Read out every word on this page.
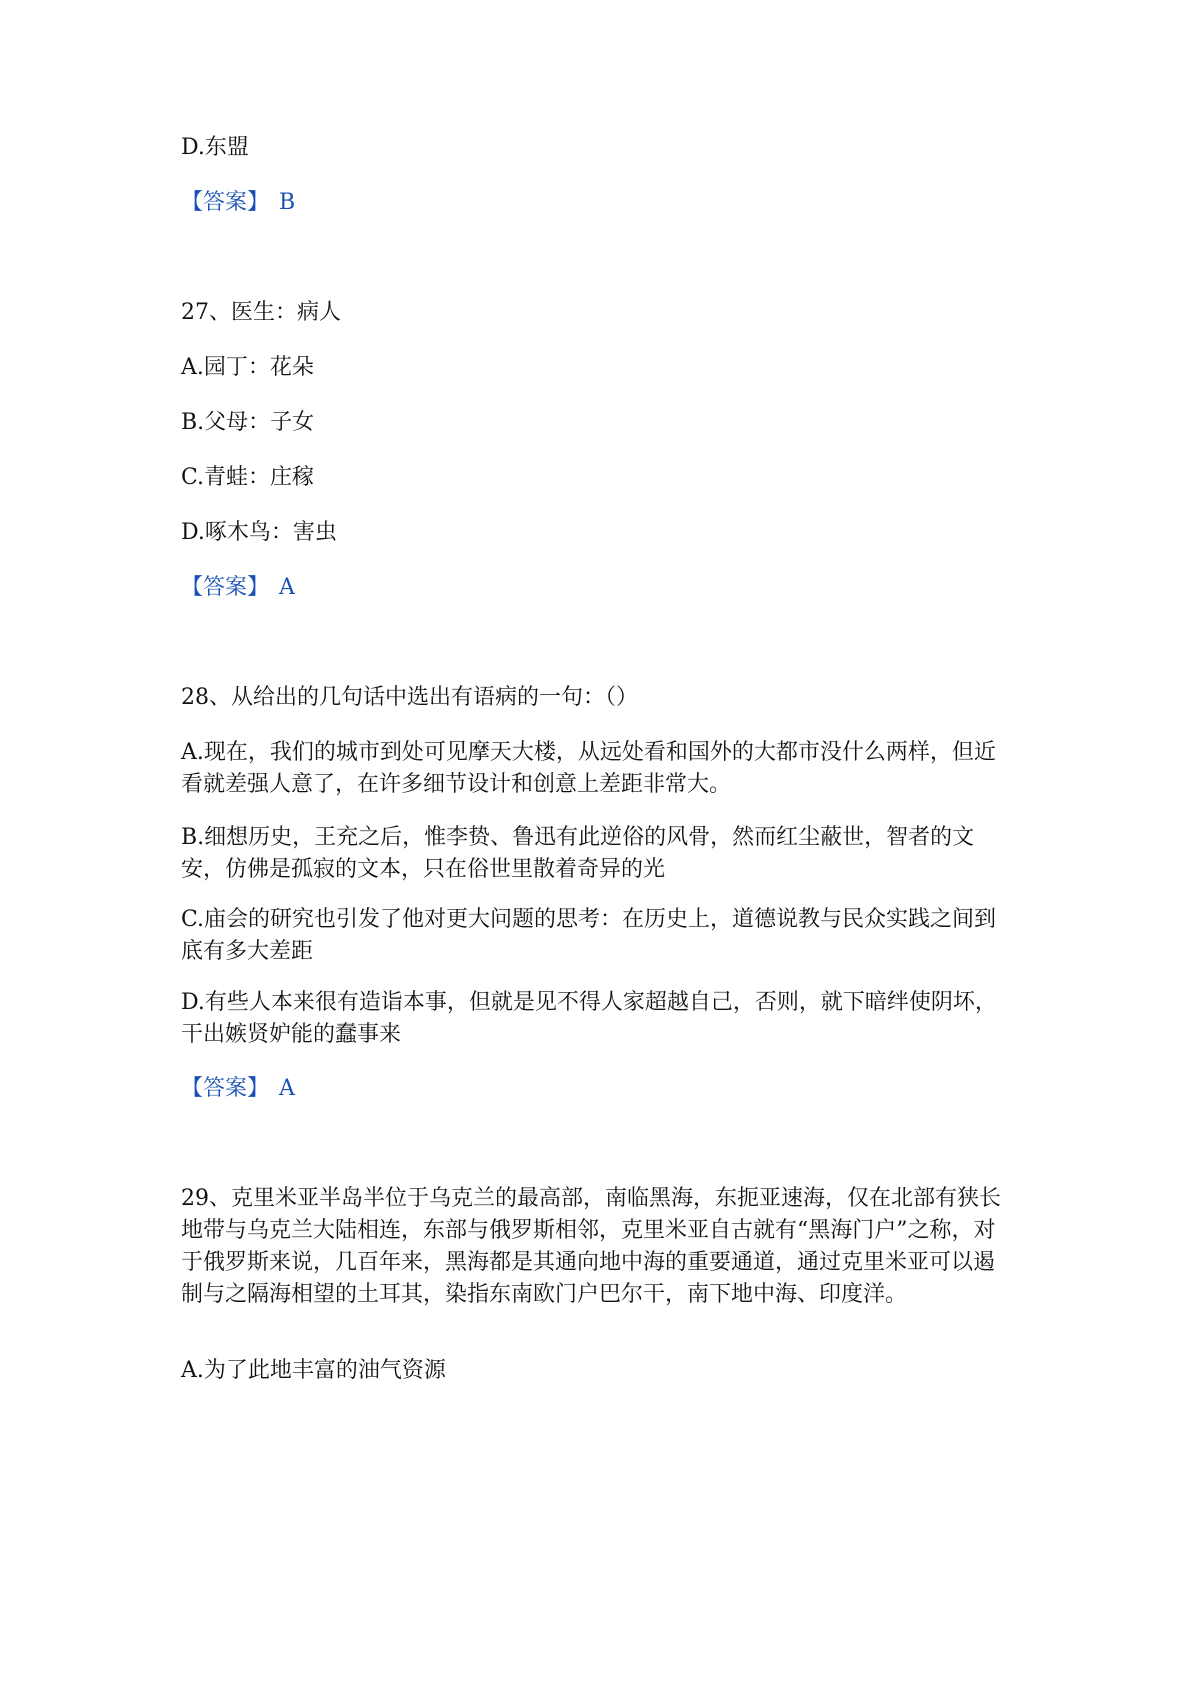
D.东盟
【答案】 B
27、医生：病人
A.园丁：花朵
B.父母：子女
C.青蛙：庄稼
D.啄木鸟：害虫
【答案】 A
28、从给出的几句话中选出有语病的一句：（）
A.现在，我们的城市到处可见摩天大楼，从远处看和国外的大都市没什么两样，但近看就差强人意了，在许多细节设计和创意上差距非常大。
B.细想历史，王充之后，惟李贽、鲁迅有此逆俗的风骨，然而红尘蔽世，智者的文安，仿佛是孤寂的文本，只在俗世里散着奇异的光
C.庙会的研究也引发了他对更大问题的思考：在历史上，道德说教与民众实践之间到底有多大差距
D.有些人本来很有造诣本事，但就是见不得人家超越自己，否则，就下暗绊使阴坏，干出嫉贤妒能的蠢事来
【答案】 A
29、克里米亚半岛半位于乌克兰的最高部，南临黑海，东扼亚速海，仅在北部有狭长地带与乌克兰大陆相连，东部与俄罗斯相邻，克里米亚自古就有“黑海门户”之称，对于俄罗斯来说，几百年来，黑海都是其通向地中海的重要通道，通过克里米亚可以遏制与之隔海相望的土耳其，染指东南欧门户巴尔干，南下地中海、印度洋。
A.为了此地丰富的油气资源
